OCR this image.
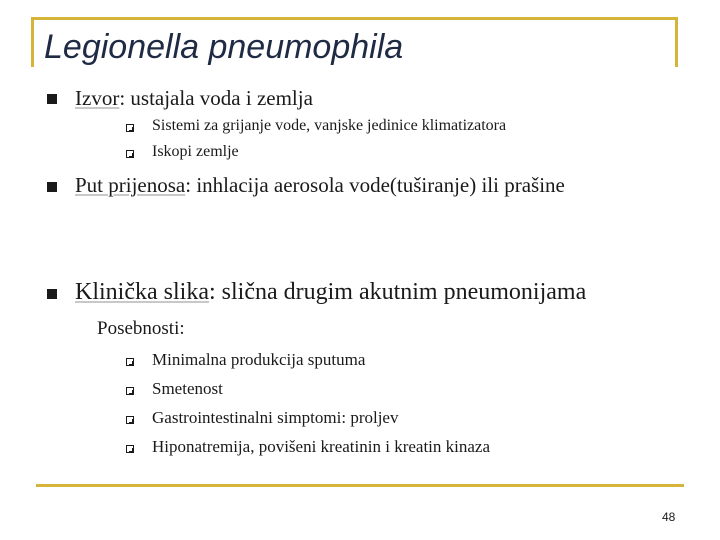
Legionella pneumophila
Izvor: ustajala voda i zemlja
Sistemi za grijanje vode, vanjske jedinice klimatizatora
Iskopi zemlje
Put prijenosa: inhlacija aerosola vode(tuširanje) ili prašine
Klinička slika: slična drugim akutnim pneumonijama
Posebnosti:
Minimalna produkcija sputuma
Smetenost
Gastrointestinalni simptomi: proljev
Hiponatremija, povišeni kreatinin i kreatin kinaza
48
